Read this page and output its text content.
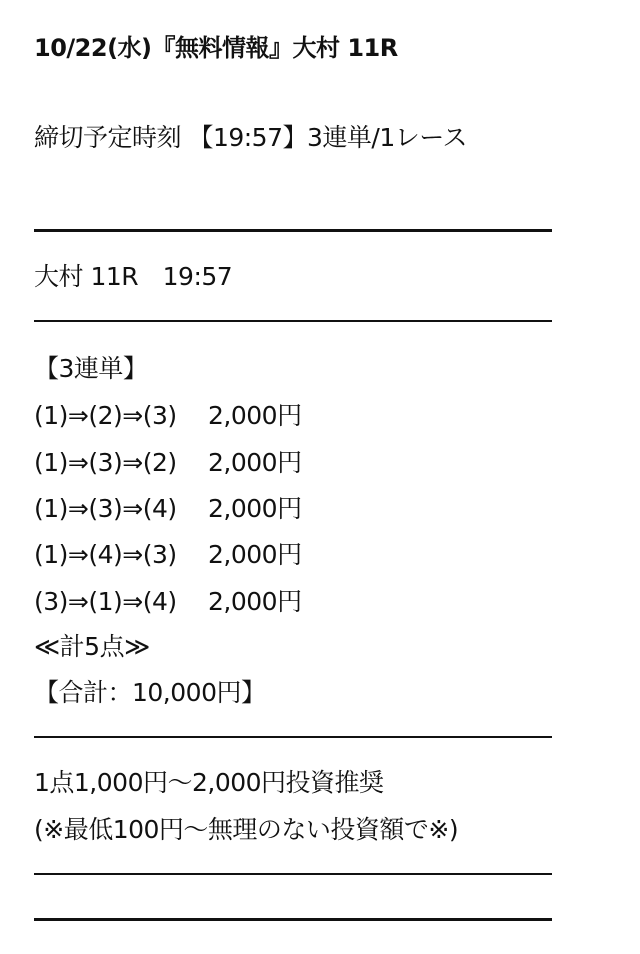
10/22(水)『無料情報』大村 11R
締切予定時刻 【19:57】3連単/1レース
大村 11R　19:57
【3連単】
(1)⇒(2)⇒(3)	2,000円
(1)⇒(3)⇒(2)	2,000円
(1)⇒(3)⇒(4)	2,000円
(1)⇒(4)⇒(3)	2,000円
(3)⇒(1)⇒(4)	2,000円
≪計5点≫
【合計：10,000円】
1点1,000円～2,000円投資推奨
(※最低100円～無理のない投資額で※)
